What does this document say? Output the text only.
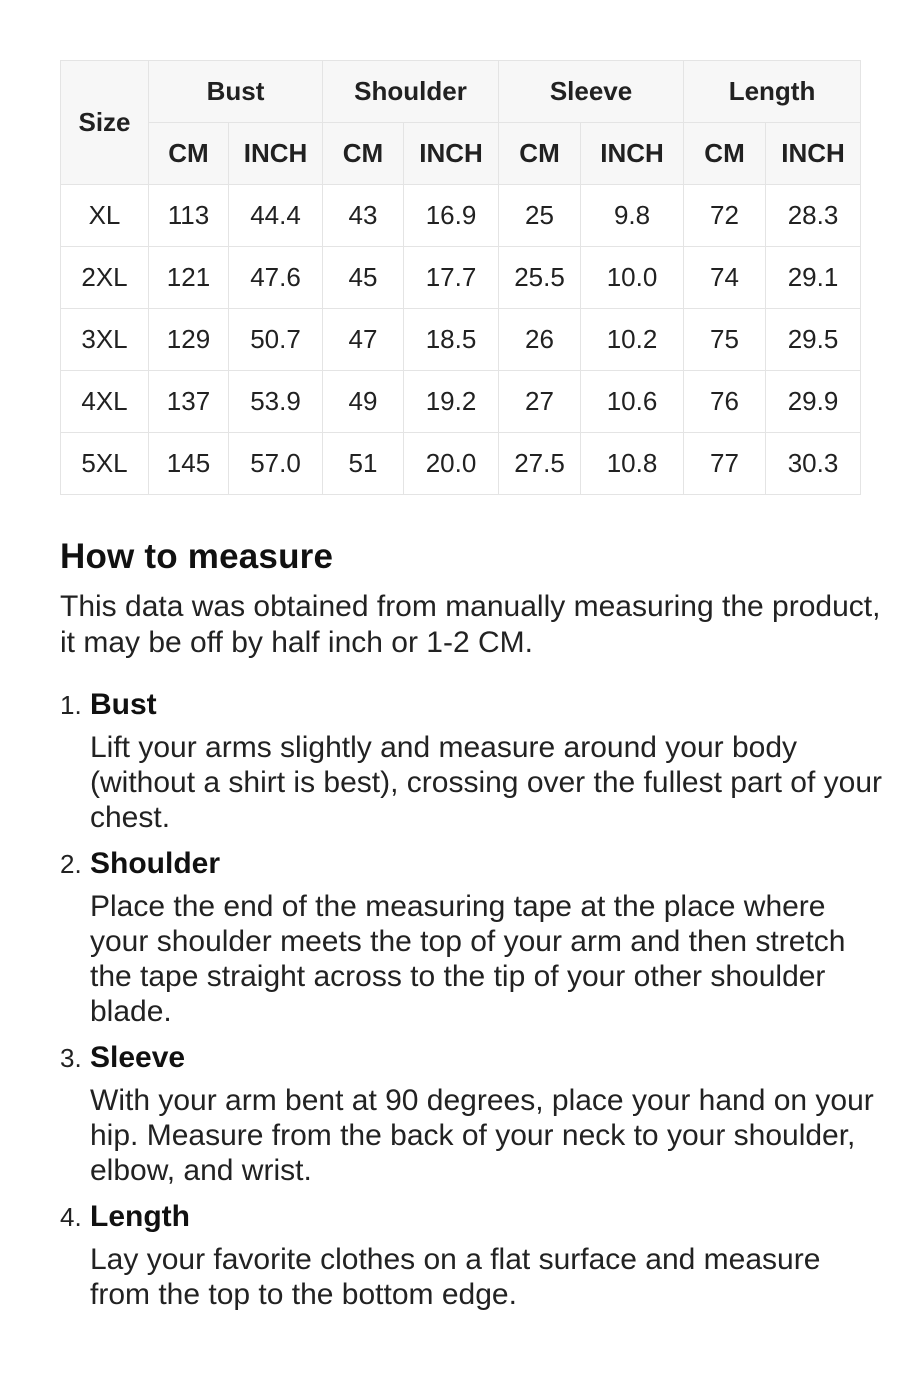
Size	Bust		Shoulder		Sleeve		Length	
	CM	INCH	CM	INCH	CM	INCH	CM	INCH
XL	113	44.4	43	16.9	25	9.8	72	28.3
2XL	121	47.6	45	17.7	25.5	10.0	74	29.1
3XL	129	50.7	47	18.5	26	10.2	75	29.5
4XL	137	53.9	49	19.2	27	10.6	76	29.9
5XL	145	57.0	51	20.0	27.5	10.8	77	30.3
How to measure

This data was obtained from manually measuring the product, it may be off by half inch or 1-2 CM.

1. Bust

Lift your arms slightly and measure around your body (without a shirt is best), crossing over the fullest part of your chest.

2. Shoulder

Place the end of the measuring tape at the place where your shoulder meets the top of your arm and then stretch the tape straight across to the tip of your other shoulder blade.

3. Sleeve

With your arm bent at 90 degrees, place your hand on your hip. Measure from the back of your neck to your shoulder, elbow, and wrist.

4. Length

Lay your favorite clothes on a flat surface and measure from the top to the bottom edge.
